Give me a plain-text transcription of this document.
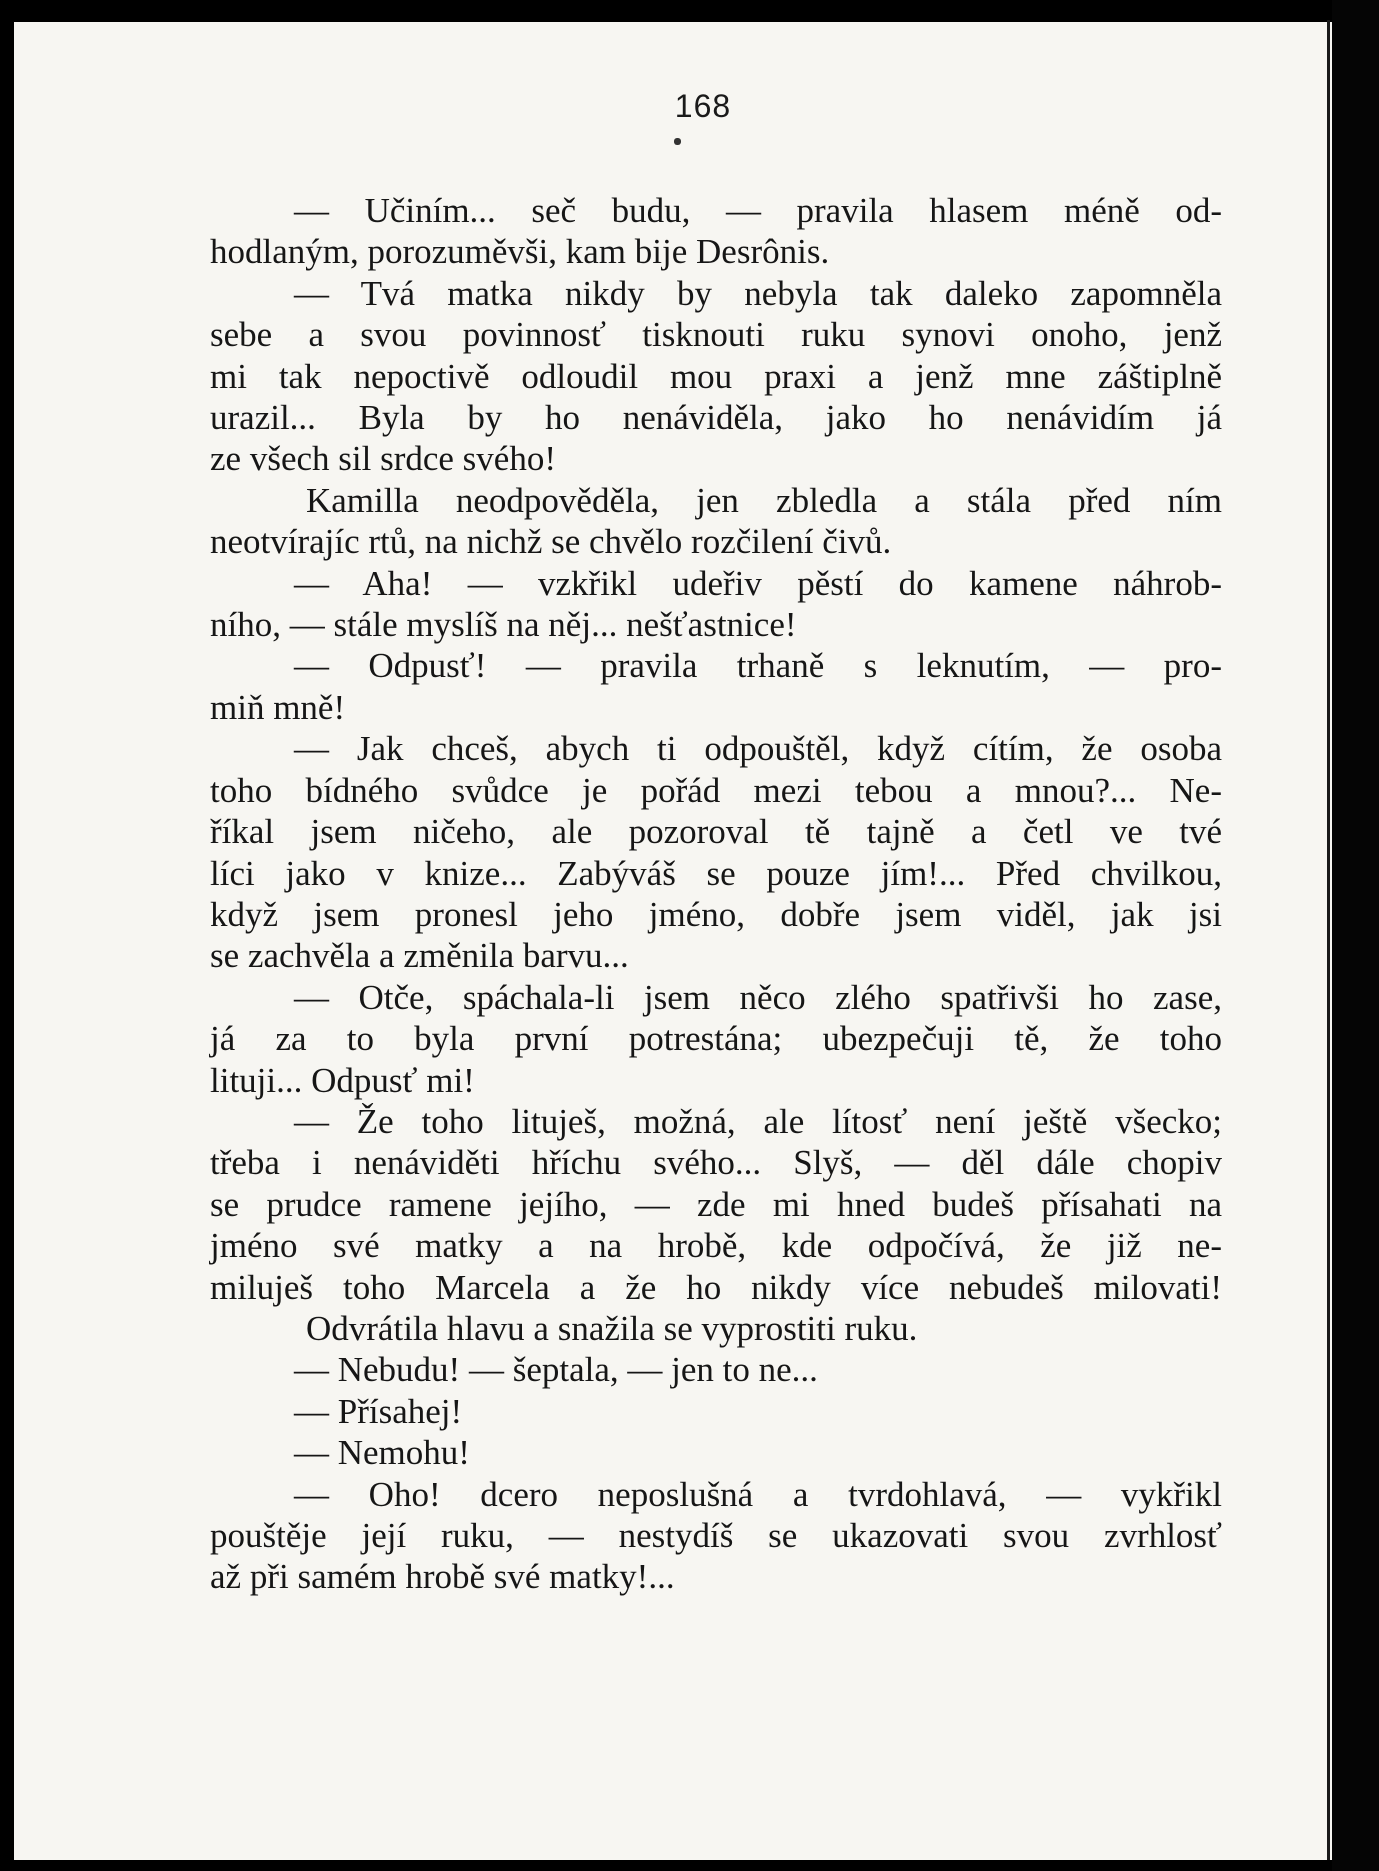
168
— Učiním... seč budu, — pravila hlasem méně od-
hodlaným, porozuměvši, kam bije Desrônis.
— Tvá matka nikdy by nebyla tak daleko zapomněla
sebe a svou povinnosť tisknouti ruku synovi onoho, jenž
mi tak nepoctivě odloudil mou praxi a jenž mne záštiplně
urazil... Byla by ho nenáviděla, jako ho nenávidím já
ze všech sil srdce svého!
Kamilla neodpověděla, jen zbledla a stála před ním
neotvírajíc rtů, na nichž se chvělo rozčilení čivů.
— Aha! — vzkřikl udeřiv pěstí do kamene náhrob-
ního, — stále myslíš na něj... nešťastnice!
— Odpusť! — pravila trhaně s leknutím, — pro-
miň mně!
— Jak chceš, abych ti odpouštěl, když cítím, že osoba
toho bídného svůdce je pořád mezi tebou a mnou?... Ne-
říkal jsem ničeho, ale pozoroval tě tajně a četl ve tvé
líci jako v knize... Zabýváš se pouze jím!... Před chvilkou,
když jsem pronesl jeho jméno, dobře jsem viděl, jak jsi
se zachvěla a změnila barvu...
— Otče, spáchala-li jsem něco zlého spatřivši ho zase,
já za to byla první potrestána; ubezpečuji tě, že toho
lituji... Odpusť mi!
— Že toho lituješ, možná, ale lítosť není ještě všecko;
třeba i nenáviděti hříchu svého... Slyš, — děl dále chopiv
se prudce ramene jejího, — zde mi hned budeš přísahati na
jméno své matky a na hrobě, kde odpočívá, že již ne-
miluješ toho Marcela a že ho nikdy více nebudeš milovati!
Odvrátila hlavu a snažila se vyprostiti ruku.
— Nebudu! — šeptala, — jen to ne...
— Přísahej!
— Nemohu!
— Oho! dcero neposlušná a tvrdohlavá, — vykřikl
pouštěje její ruku, — nestydíš se ukazovati svou zvrhlosť
až při samém hrobě své matky!...
